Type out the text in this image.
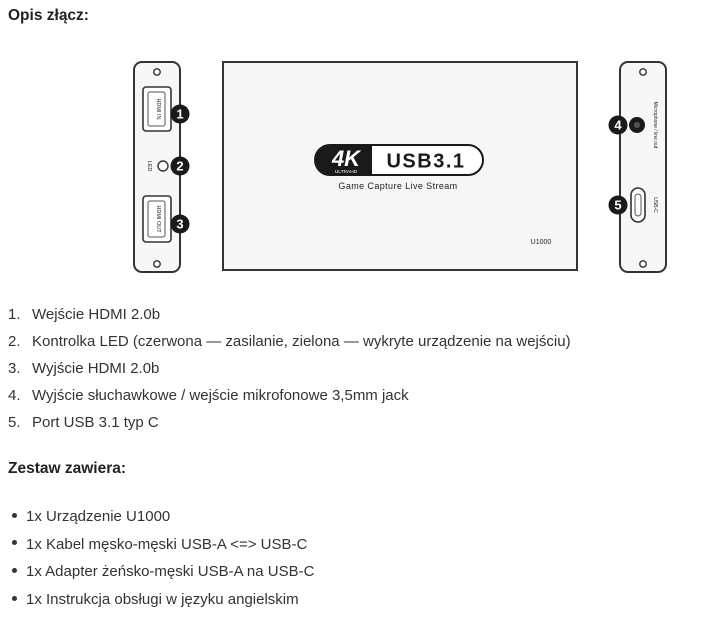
Opis złącz:
HDMI IN
LED
HDMI OUT
1
2
3
4K
ULTRAHD USB3.1
Game Capture Live Stream
U1000
Microphone / line out
USB-C
4
5
1. Wejście HDMI 2.0b
2. Kontrolka LED (czerwona — zasilanie, zielona — wykryte urządzenie na wejściu)
3. Wyjście HDMI 2.0b
4. Wyjście słuchawkowe / wejście mikrofonowe 3,5mm jack
5. Port USB 3.1 typ C
Zestaw zawiera:
1x Urządzenie U1000
1x Kabel męsko-męski USB-A <=> USB-C
1x Adapter żeńsko-męski USB-A na USB-C
1x Instrukcja obsługi w języku angielskim
